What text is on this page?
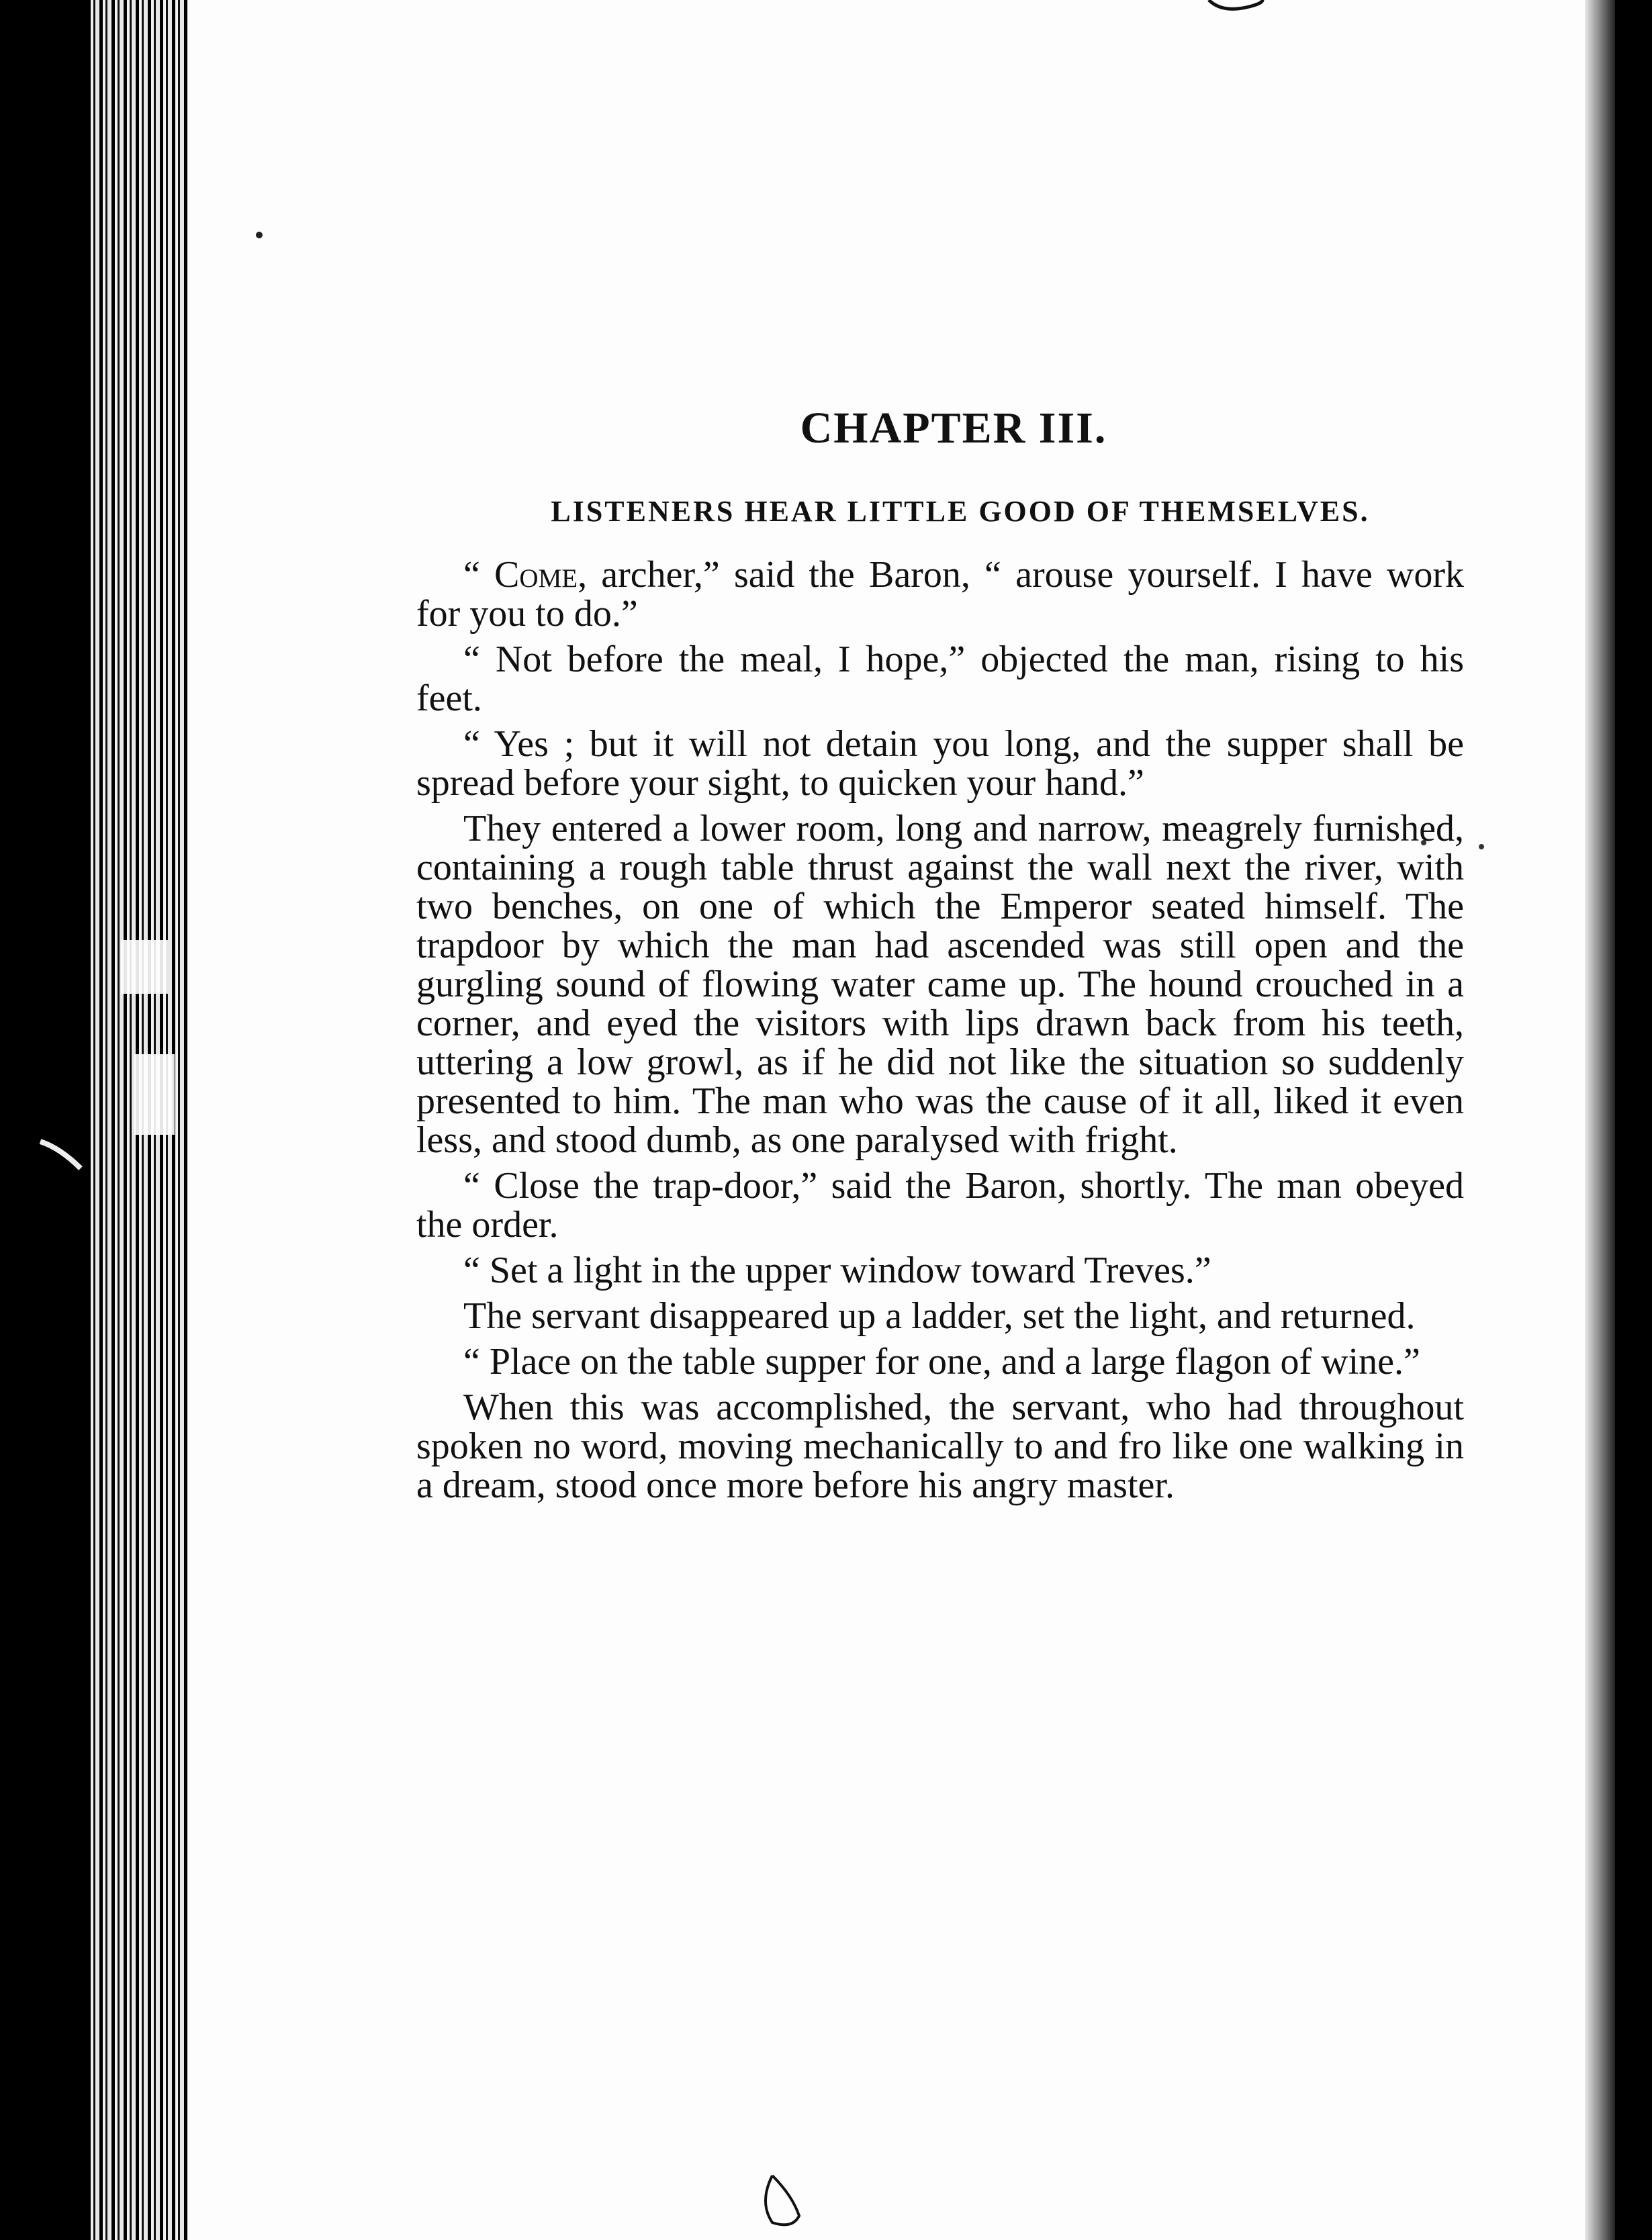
CHAPTER III.
LISTENERS HEAR LITTLE GOOD OF THEMSELVES.

“ Come, archer,” said the Baron, “ arouse yourself. I have work for you to do.”

“ Not before the meal, I hope,” objected the man, rising to his feet.

“ Yes ; but it will not detain you long, and the supper shall be spread before your sight, to quicken your hand.”

They entered a lower room, long and narrow, meagrely furnished, containing a rough table thrust against the wall next the river, with two benches, on one of which the Emperor seated himself. The trapdoor by which the man had ascended was still open and the gurgling sound of flowing water came up. The hound crouched in a corner, and eyed the visitors with lips drawn back from his teeth, uttering a low growl, as if he did not like the situation so suddenly presented to him. The man who was the cause of it all, liked it even less, and stood dumb, as one paralysed with fright.

“ Close the trap-door,” said the Baron, shortly. The man obeyed the order.

“ Set a light in the upper window toward Treves.”

The servant disappeared up a ladder, set the light, and returned.

“ Place on the table supper for one, and a large flagon of wine.”

When this was accomplished, the servant, who had throughout spoken no word, moving mechanically to and fro like one walking in a dream, stood once more before his angry master.
